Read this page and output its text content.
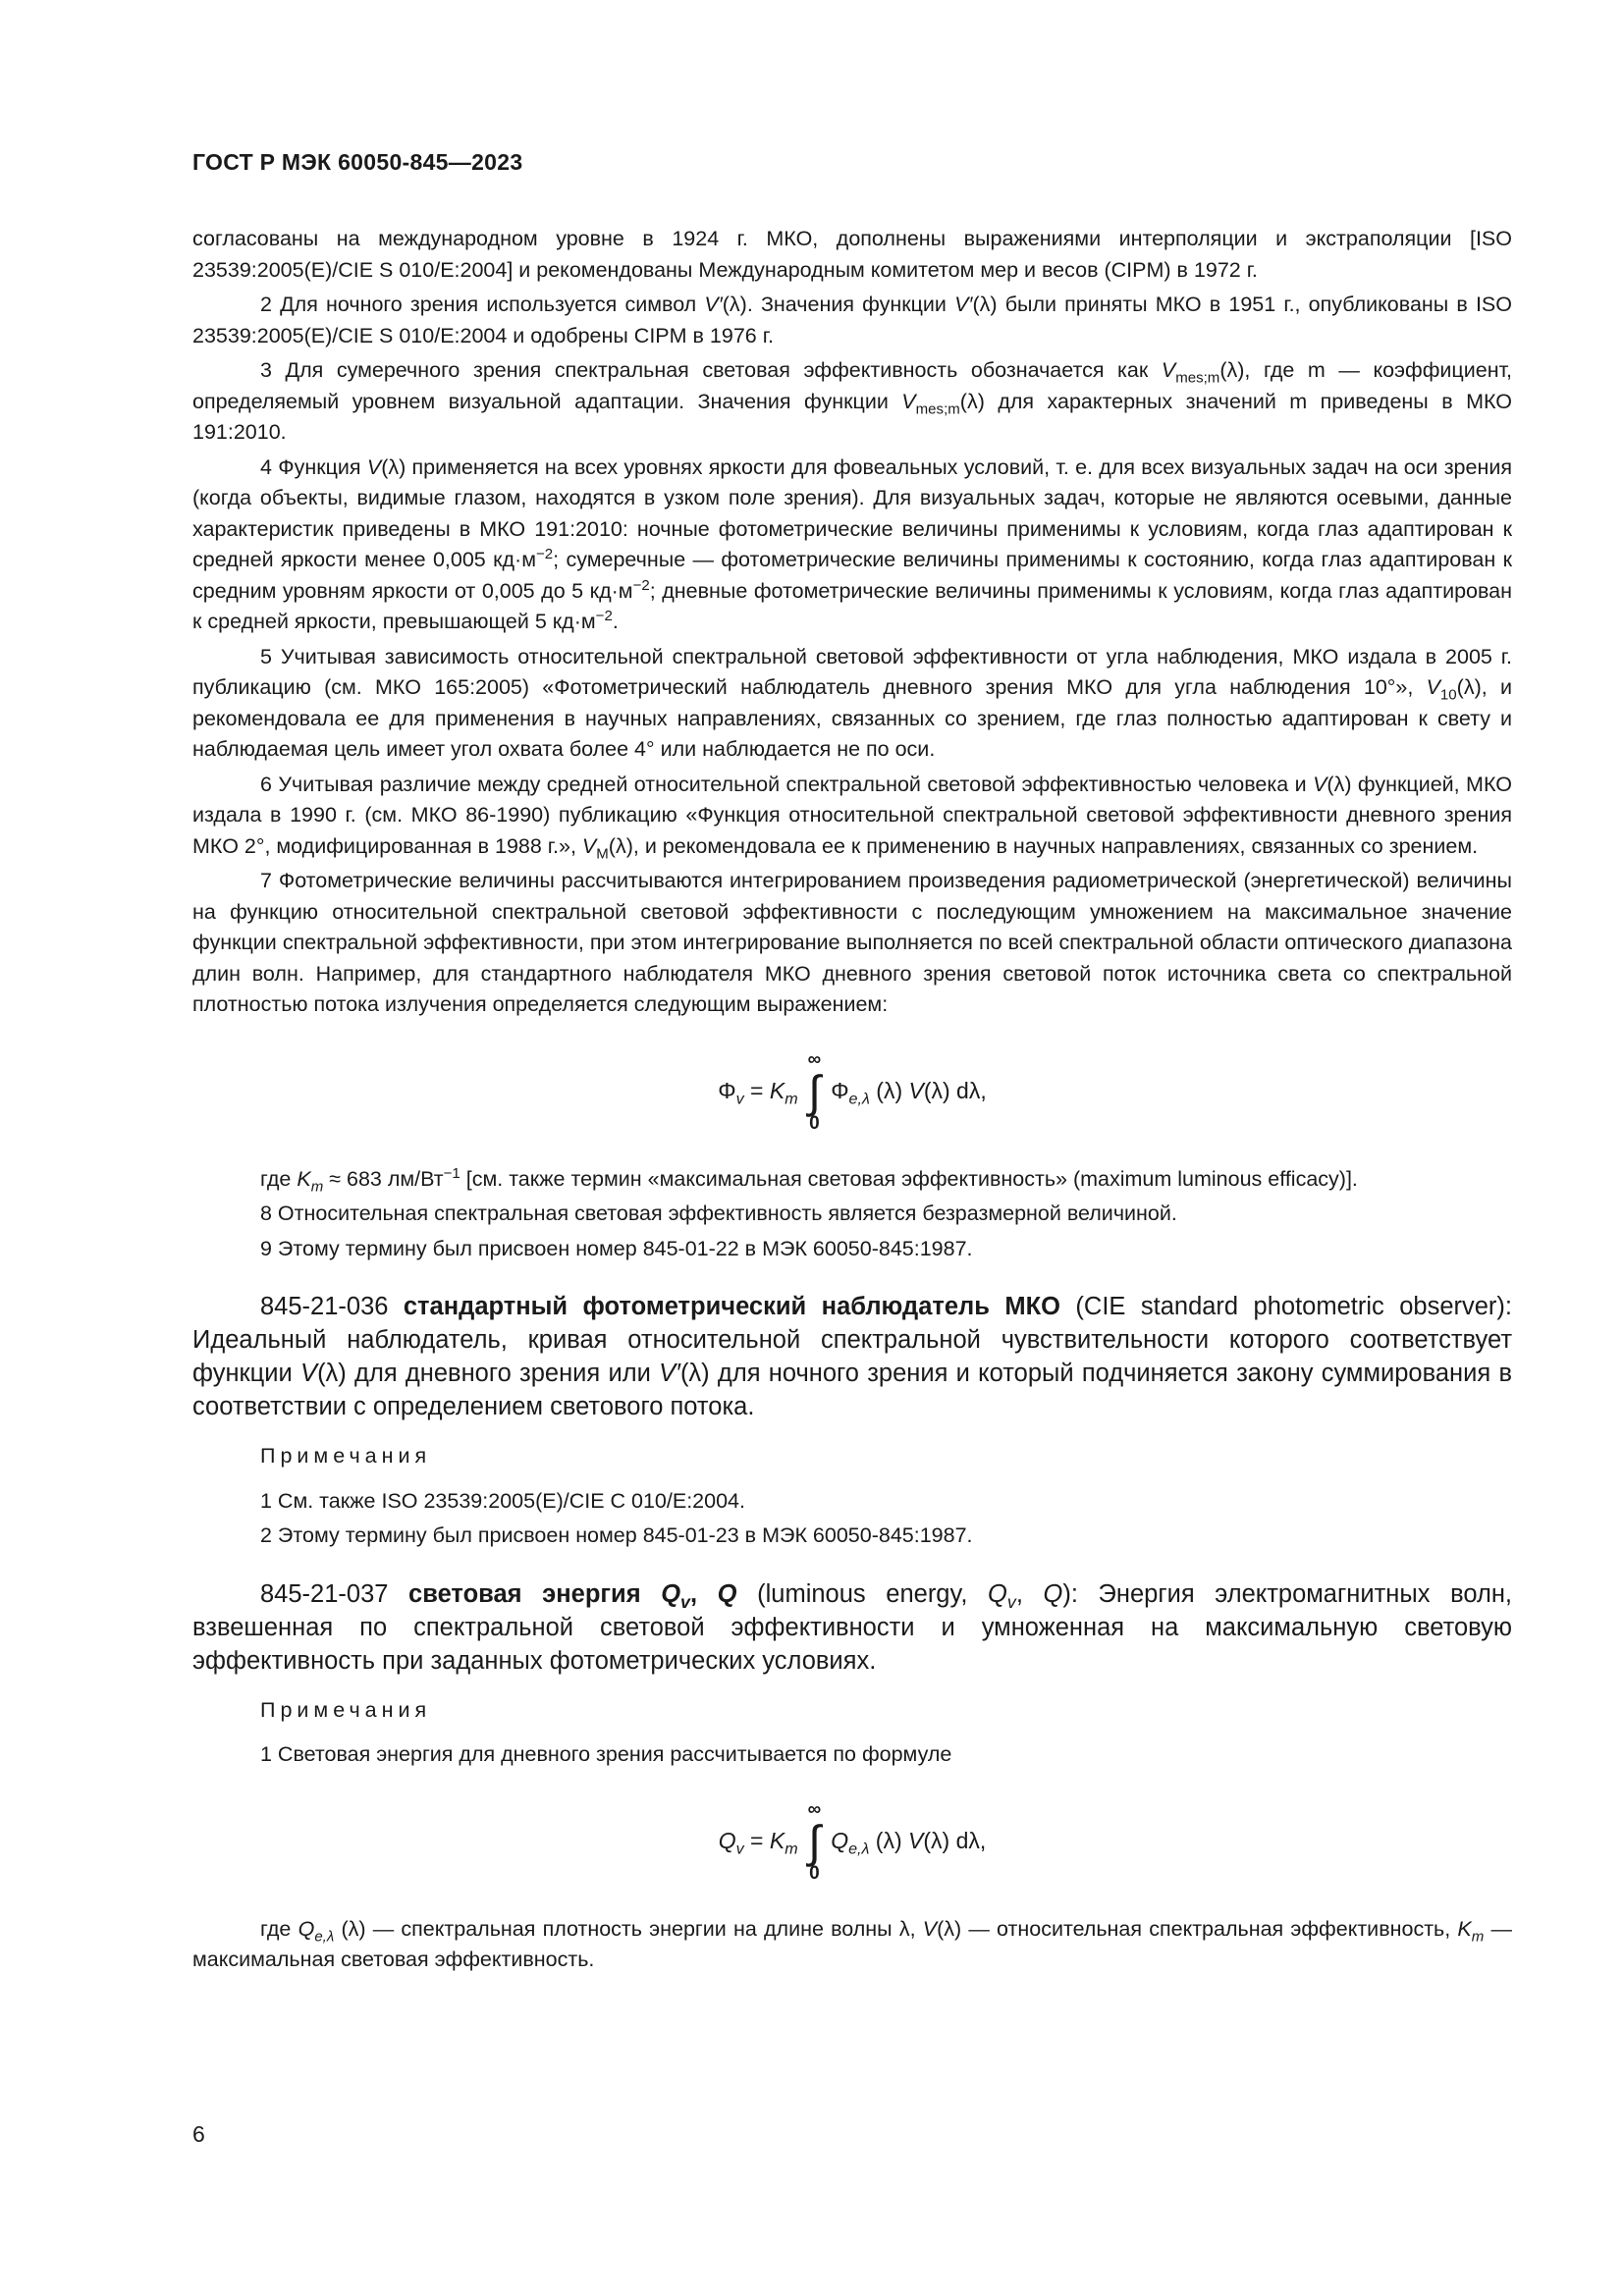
ГОСТ Р МЭК 60050-845—2023

согласованы на международном уровне в 1924 г. МКО, дополнены выражениями интерполяции и экстраполяции [ISO 23539:2005(E)/CIE S 010/E:2004] и рекомендованы Международным комитетом мер и весов (CIPM) в 1972 г.

2 Для ночного зрения используется символ V′(λ). Значения функции V′(λ) были приняты МКО в 1951 г., опубликованы в ISO 23539:2005(E)/CIE S 010/E:2004 и одобрены CIPM в 1976 г.

3 Для сумеречного зрения спектральная световая эффективность обозначается как $V_{mes;m}(\lambda)$, где m — коэффициент, определяемый уровнем визуальной адаптации. Значения функции $V_{mes;m}(\lambda)$ для характерных значений m приведены в МКО 191:2010.

4 Функция V(λ) применяется на всех уровнях яркости для фовеальных условий, т. е. для всех визуальных задач на оси зрения (когда объекты, видимые глазом, находятся в узком поле зрения). Для визуальных задач, которые не являются осевыми, данные характеристик приведены в МКО 191:2010: ночные фотометрические величины применимы к условиям, когда глаз адаптирован к средней яркости менее 0,005 $кд\cdot м^{-2}$; сумеречные — фотометрические величины применимы к состоянию, когда глаз адаптирован к средним уровням яркости от 0,005 до 5 $кд\cdot м^{-2}$; дневные фотометрические величины применимы к условиям, когда глаз адаптирован к средней яркости, превышающей 5 $кд\cdot м^{-2}$.

5 Учитывая зависимость относительной спектральной световой эффективности от угла наблюдения, МКО издала в 2005 г. публикацию (см. МКО 165:2005) «Фотометрический наблюдатель дневного зрения МКО для угла наблюдения 10°», $V_{10}(\lambda)$, и рекомендовала ее для применения в научных направлениях, связанных со зрением, где глаз полностью адаптирован к свету и наблюдаемая цель имеет угол охвата более 4° или наблюдается не по оси.

6 Учитывая различие между средней относительной спектральной световой эффективностью человека и V(λ) функцией, МКО издала в 1990 г. (см. МКО 86-1990) публикацию «Функция относительной спектральной световой эффективности дневного зрения МКО 2°, модифицированная в 1988 г.», $V_M(\lambda)$, и рекомендовала ее к применению в научных направлениях, связанных со зрением.

7 Фотометрические величины рассчитываются интегрированием произведения радиометрической (энергетической) величины на функцию относительной спектральной световой эффективности с последующим умножением на максимальное значение функции спектральной эффективности, при этом интегрирование выполняется по всей спектральной области оптического диапазона длин волн. Например, для стандартного наблюдателя МКО дневного зрения световой поток источника света со спектральной плотностью потока излучения определяется следующим выражением:

$\Phi_v = K_m$
∞
∫
0
$\Phi_{e,\lambda}$ (λ) V(λ) dλ,

где $K_m \approx 683$ $лм/Вт^{-1}$ [см. также термин «максимальная световая эффективность» (maximum luminous efficacy)].

8 Относительная спектральная световая эффективность является безразмерной величиной.

9 Этому термину был присвоен номер 845-01-22 в МЭК 60050-845:1987.

845-21-036 стандартный фотометрический наблюдатель МКО (CIE standard photometric observer): Идеальный наблюдатель, кривая относительной спектральной чувствительности которого соответствует функции V(λ) для дневного зрения или V′(λ) для ночного зрения и который подчиняется закону суммирования в соответствии с определением светового потока.

Примечания

1 См. также ISO 23539:2005(E)/CIE C 010/E:2004.

2 Этому термину был присвоен номер 845-01-23 в МЭК 60050-845:1987.

845-21-037 световая энергия $Q_v$, Q (luminous energy, $Q_v$, Q): Энергия электромагнитных волн, взвешенная по спектральной световой эффективности и умноженная на максимальную световую эффективность при заданных фотометрических условиях.

Примечания

1 Световая энергия для дневного зрения рассчитывается по формуле

$Q_v = K_m$
∞
∫
0
$Q_{e,\lambda}$ (λ) V(λ) dλ,

где $Q_{e,\lambda}$ (λ) — спектральная плотность энергии на длине волны λ, V(λ) — относительная спектральная эффективность, $K_m$ — максимальная световая эффективность.

6
